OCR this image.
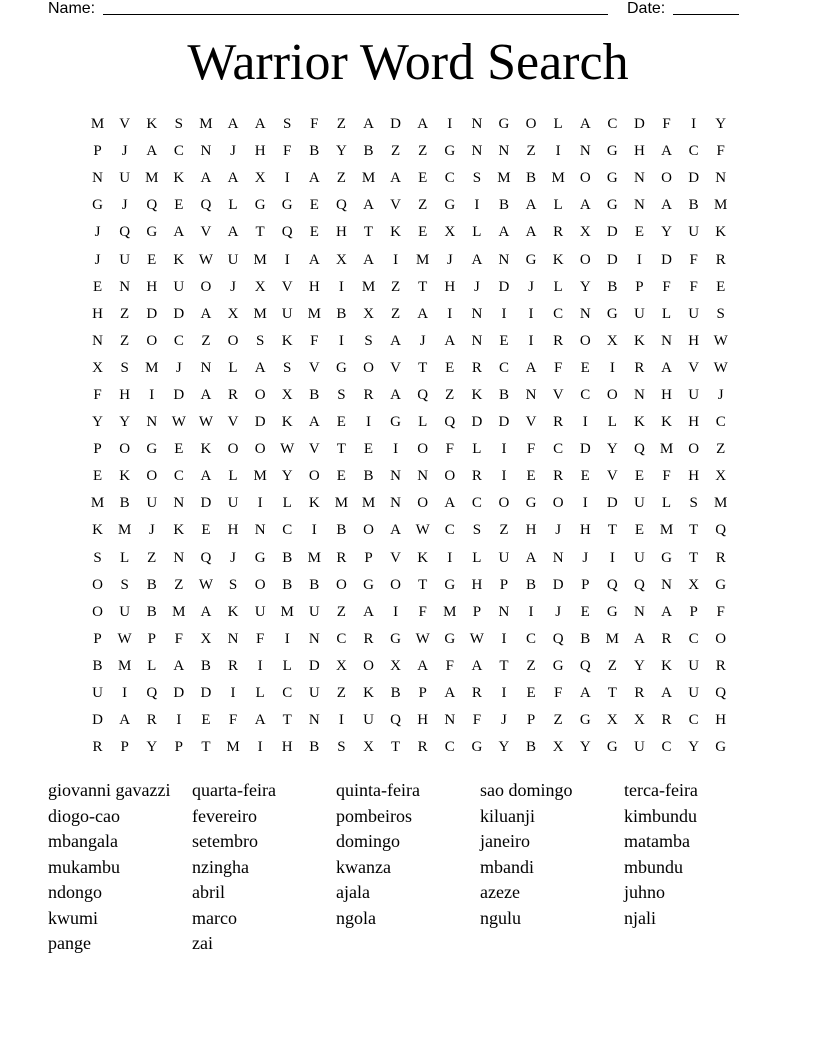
Name:	Date:
Warrior Word Search
M	V	K	S	M	A	A	S	F	Z	A	D	A	I	N	G	O	L	A	C	D	F	I	Y
P	J	A	C	N	J	H	F	B	Y	B	Z	Z	G	N	N	Z	I	N	G	H	A	C	F
N	U	M	K	A	A	X	I	A	Z	M	A	E	C	S	M	B	M	O	G	N	O	D	N
G	J	Q	E	Q	L	G	G	E	Q	A	V	Z	G	I	B	A	L	A	G	N	A	B	M
J	Q	G	A	V	A	T	Q	E	H	T	K	E	X	L	A	A	R	X	D	E	Y	U	K
J	U	E	K W U	M	I	A	X	A	I	M	J	A	N	G	K	O	D	I	D	F	R
E	N	H	U	O	J	X	V	H	I	M	Z	T	H	J	D	J	L	Y	B	P	F	F	E
H	Z	D	D	A	X	M	U	M	B	X	Z	A	I	N	I	I	C	N	G	U	L	U	S
N	Z	O	C	Z	O	S	K	F	I	S	A	J	A	N	E	I	R	O	X	K	N	H W
X	S	M	J	N	L	A	S	V	G	O	V	T	E	R	C	A	F	E	I	R	A	V W
F	H	I	D	A	R	O	X	B	S	R	A	Q	Z	K	B	N	V	C	O	N	H	U	J
Y	Y	N W W V	D	K	A	E	I	G	L	Q	D	D	V	R	I	L	K	K	H	C
P	O	G	E	K	O	O W V	T	E	I	O	F	L	I	F	C	D	Y	Q	M	O	Z
E	K	O	C	A	L	M	Y	O	E	B	N	N	O	R	I	E	R	E	V	E	F	H	X
M	B	U	N	D	U	I	L	K	M M	N	O	A	C	O	G	O	I	D	U	L	S	M
K	M	J	K	E	H	N	C	I	B	O	A W	C	S	Z	H	J	H	T	E	M	T	Q
S	L	Z	N	Q	J	G	B	M	R	P	V	K	I	L	U	A	N	J	I	U	G	T	R
O	S	B	Z	W	S	O	B	B	O	G	O	T	G	H	P	B	D	P	Q	Q	N	X	G
O	U	B	M	A	K	U	M	U	Z	A	I	F	M	P	N	I	J	E	G	N	A	P	F
P	W	P	F	X	N	F	I	N	C	R	G W G W	I	C	Q	B	M	A	R	C	O
B	M	L	A	B	R	I	L	D	X	O	X	A	F	A	T	Z	G	Q	Z	Y	K	U	R
U	I	Q	D	D	I	L	C	U	Z	K	B	P	A	R	I	E	F	A	T	R	A	U	Q
D	A	R	I	E	F	A	T	N	I	U	Q	H	N	F	J	P	Z	G	X	X	R	C	H
R	P	Y	P	T	M	I	H	B	S	X	T	R	C	G	Y	B	X	Y	G	U	C	Y	G
giovanni gavazzi	quarta-feira	quinta-feira	sao domingo	terca-feira
diogo-cao	fevereiro	pombeiros	kiluanji	kimbundu
mbangala	setembro	domingo	janeiro	matamba
mukambu	nzingha	kwanza	mbandi	mbundu
ndongo	abril	ajala	azeze	juhno
kwumi	marco	ngola	ngulu	njali
pange	zai
